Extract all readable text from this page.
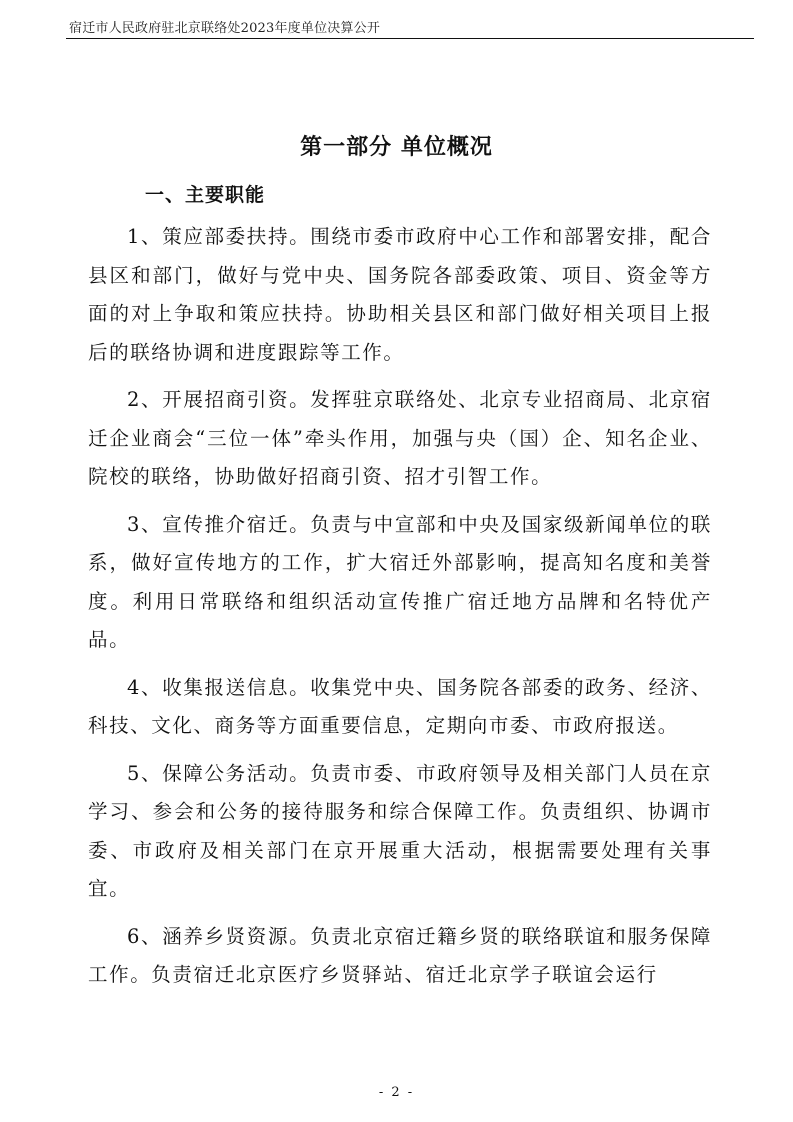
宿迁市人民政府驻北京联络处2023年度单位决算公开
第一部分 单位概况
一、主要职能

1、策应部委扶持。围绕市委市政府中心工作和部署安排，配合县区和部门，做好与党中央、国务院各部委政策、项目、资金等方面的对上争取和策应扶持。协助相关县区和部门做好相关项目上报后的联络协调和进度跟踪等工作。

2、开展招商引资。发挥驻京联络处、北京专业招商局、北京宿迁企业商会“三位一体”牵头作用，加强与央（国）企、知名企业、院校的联络，协助做好招商引资、招才引智工作。

3、宣传推介宿迁。负责与中宣部和中央及国家级新闻单位的联系，做好宣传地方的工作，扩大宿迁外部影响，提高知名度和美誉度。利用日常联络和组织活动宣传推广宿迁地方品牌和名特优产品。

4、收集报送信息。收集党中央、国务院各部委的政务、经济、科技、文化、商务等方面重要信息，定期向市委、市政府报送。

5、保障公务活动。负责市委、市政府领导及相关部门人员在京学习、参会和公务的接待服务和综合保障工作。负责组织、协调市委、市政府及相关部门在京开展重大活动，根据需要处理有关事宜。

6、涵养乡贤资源。负责北京宿迁籍乡贤的联络联谊和服务保障工作。负责宿迁北京医疗乡贤驿站、宿迁北京学子联谊会运行

- 2 -
